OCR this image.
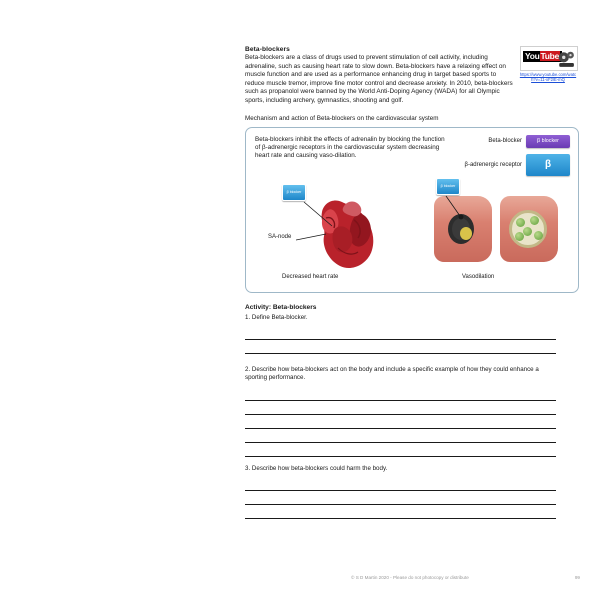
YouTube
https://www.youtube.com/watch?v=11-xF2lE-mQ
Beta-blockers

Beta-blockers are a class of drugs used to prevent stimulation of cell activity, including adrenaline, such as causing heart rate to slow down. Beta-blockers have a relaxing effect on muscle function and are used as a performance enhancing drug in target based sports to reduce muscle tremor, improve fine motor control and decrease anxiety. In 2010, beta-blockers such as propanolol were banned by the World Anti-Doping Agency (WADA) for all Olympic sports, including archery, gymnastics, shooting and golf.

Mechanism and action of Beta-blockers on the cardiovascular system
Beta-blockers inhibit the effects of adrenalin by blocking the function of β-adrenergic receptors in the cardiovascular system decreasing heart rate and causing vaso-dilation.
Beta-blocker	β blocker
β-adrenergic receptor	β
β blocker
SA-node
β blocker
Decreased heart rate	Vasodilation
Activity: Beta-blockers
1. Define Beta-blocker.
2. Describe how beta-blockers act on the body and include a specific example of how they could enhance a sporting performance.
3. Describe how beta-blockers could harm the body.
© S D Martin 2020 - Please do not photocopy or distribute	99
